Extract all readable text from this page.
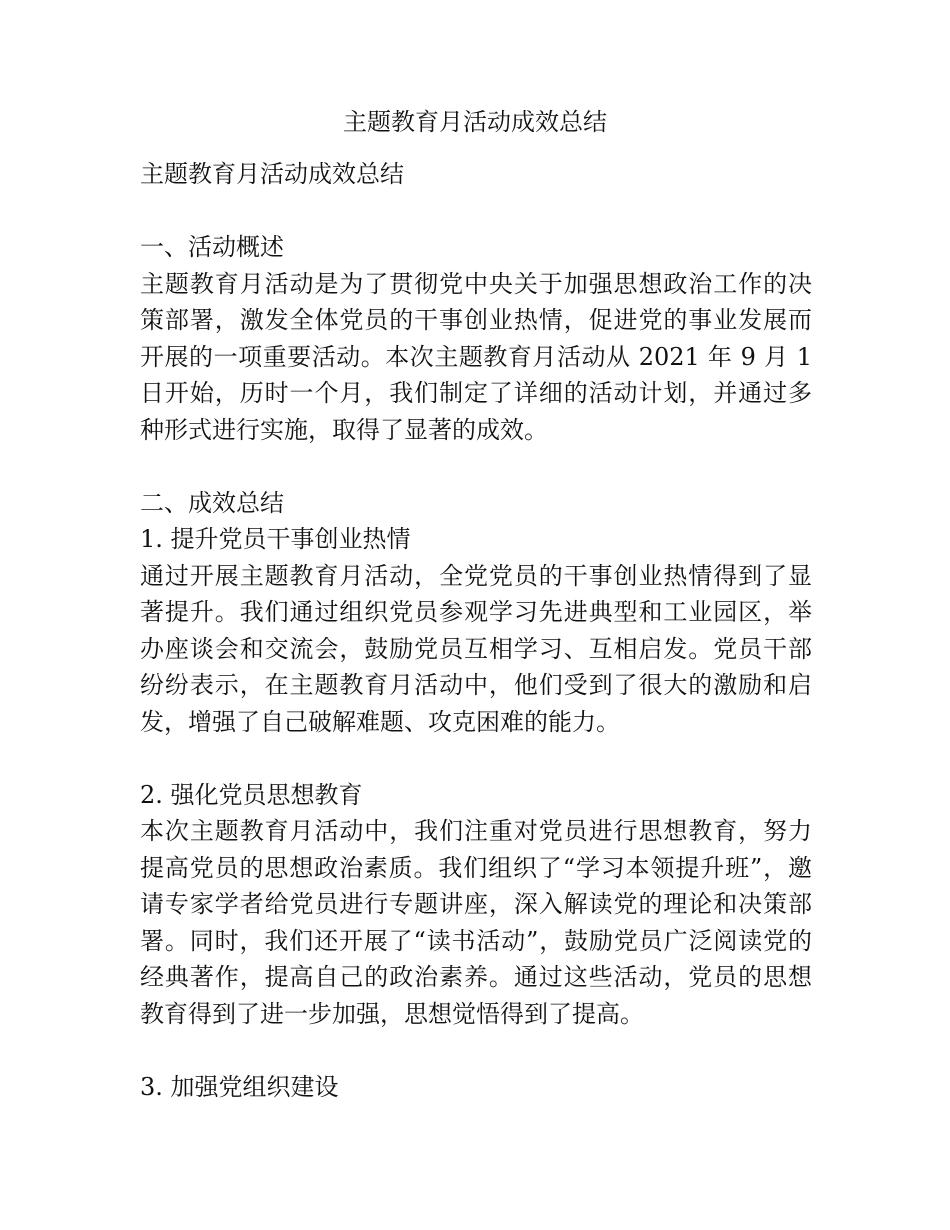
主题教育月活动成效总结
主题教育月活动成效总结
一、活动概述
主题教育月活动是为了贯彻党中央关于加强思想政治工作的决
策部署，激发全体党员的干事创业热情，促进党的事业发展而
开展的一项重要活动。本次主题教育月活动从 2021 年 9 月 1
日开始，历时一个月，我们制定了详细的活动计划，并通过多
种形式进行实施，取得了显著的成效。
二、成效总结
1. 提升党员干事创业热情
通过开展主题教育月活动，全党党员的干事创业热情得到了显
著提升。我们通过组织党员参观学习先进典型和工业园区，举
办座谈会和交流会，鼓励党员互相学习、互相启发。党员干部
纷纷表示，在主题教育月活动中，他们受到了很大的激励和启
发，增强了自己破解难题、攻克困难的能力。
2. 强化党员思想教育
本次主题教育月活动中，我们注重对党员进行思想教育，努力
提高党员的思想政治素质。我们组织了“学习本领提升班”，邀
请专家学者给党员进行专题讲座，深入解读党的理论和决策部
署。同时，我们还开展了“读书活动”，鼓励党员广泛阅读党的
经典著作，提高自己的政治素养。通过这些活动，党员的思想
教育得到了进一步加强，思想觉悟得到了提高。
3. 加强党组织建设
